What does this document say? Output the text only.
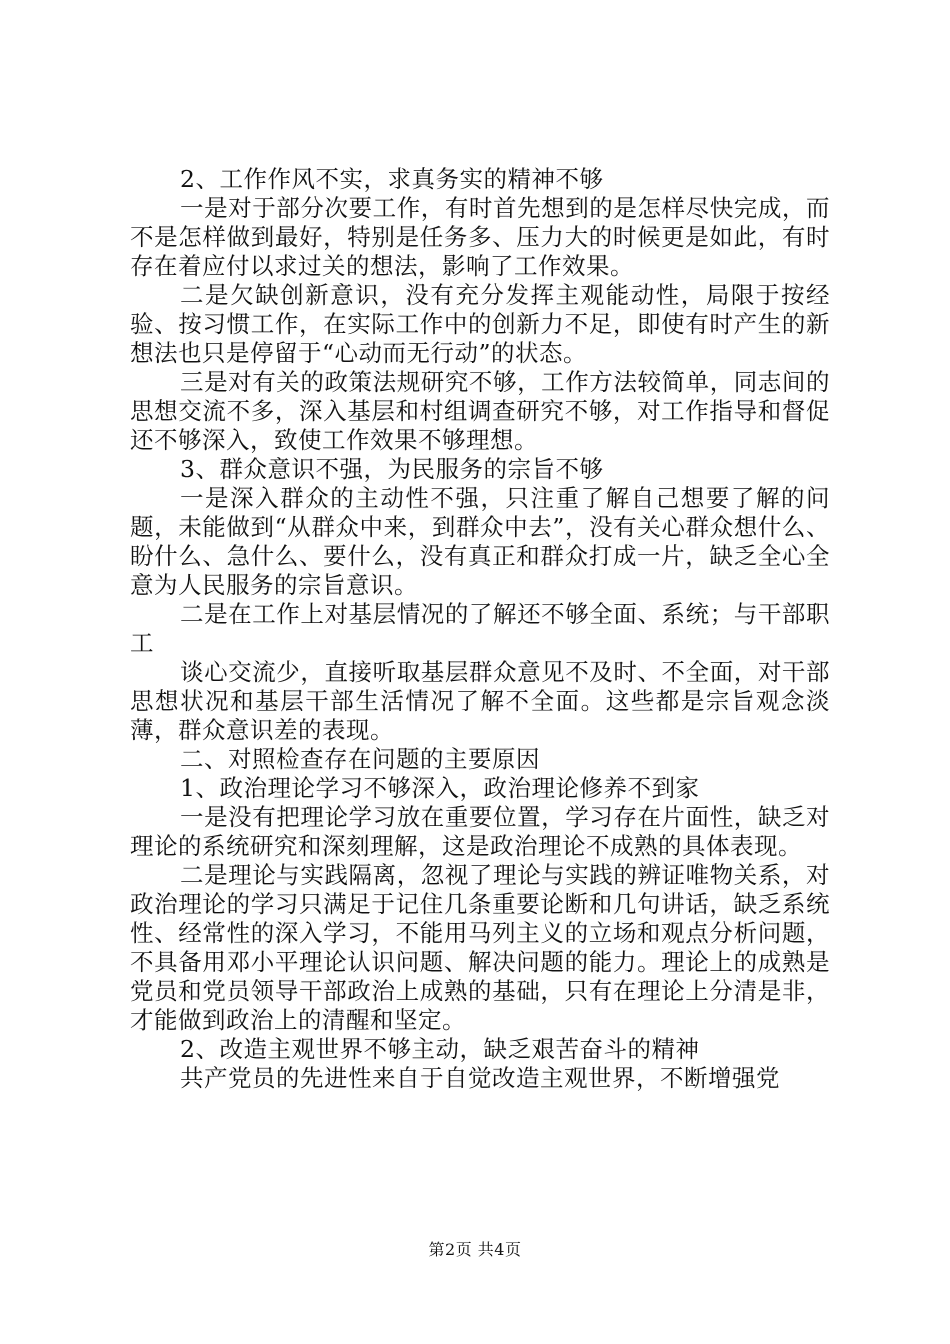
2、工作作风不实，求真务实的精神不够

一是对于部分次要工作，有时首先想到的是怎样尽快完成，而不是怎样做到最好，特别是任务多、压力大的时候更是如此，有时存在着应付以求过关的想法，影响了工作效果。

二是欠缺创新意识，没有充分发挥主观能动性，局限于按经验、按习惯工作，在实际工作中的创新力不足，即使有时产生的新想法也只是停留于“心动而无行动”的状态。

三是对有关的政策法规研究不够，工作方法较简单，同志间的思想交流不多，深入基层和村组调查研究不够，对工作指导和督促还不够深入，致使工作效果不够理想。

3、群众意识不强，为民服务的宗旨不够

一是深入群众的主动性不强，只注重了解自己想要了解的问题，未能做到“从群众中来，到群众中去”，没有关心群众想什么、盼什么、急什么、要什么，没有真正和群众打成一片，缺乏全心全意为人民服务的宗旨意识。

二是在工作上对基层情况的了解还不够全面、系统；与干部职工

谈心交流少，直接听取基层群众意见不及时、不全面，对干部思想状况和基层干部生活情况了解不全面。这些都是宗旨观念淡薄，群众意识差的表现。

二、对照检查存在问题的主要原因

1、政治理论学习不够深入，政治理论修养不到家

一是没有把理论学习放在重要位置，学习存在片面性，缺乏对理论的系统研究和深刻理解，这是政治理论不成熟的具体表现。

二是理论与实践隔离，忽视了理论与实践的辨证唯物关系，对政治理论的学习只满足于记住几条重要论断和几句讲话，缺乏系统性、经常性的深入学习，不能用马列主义的立场和观点分析问题，不具备用邓小平理论认识问题、解决问题的能力。理论上的成熟是党员和党员领导干部政治上成熟的基础，只有在理论上分清是非，才能做到政治上的清醒和坚定。

2、改造主观世界不够主动，缺乏艰苦奋斗的精神

共产党员的先进性来自于自觉改造主观世界，不断增强党

第2页 共4页
